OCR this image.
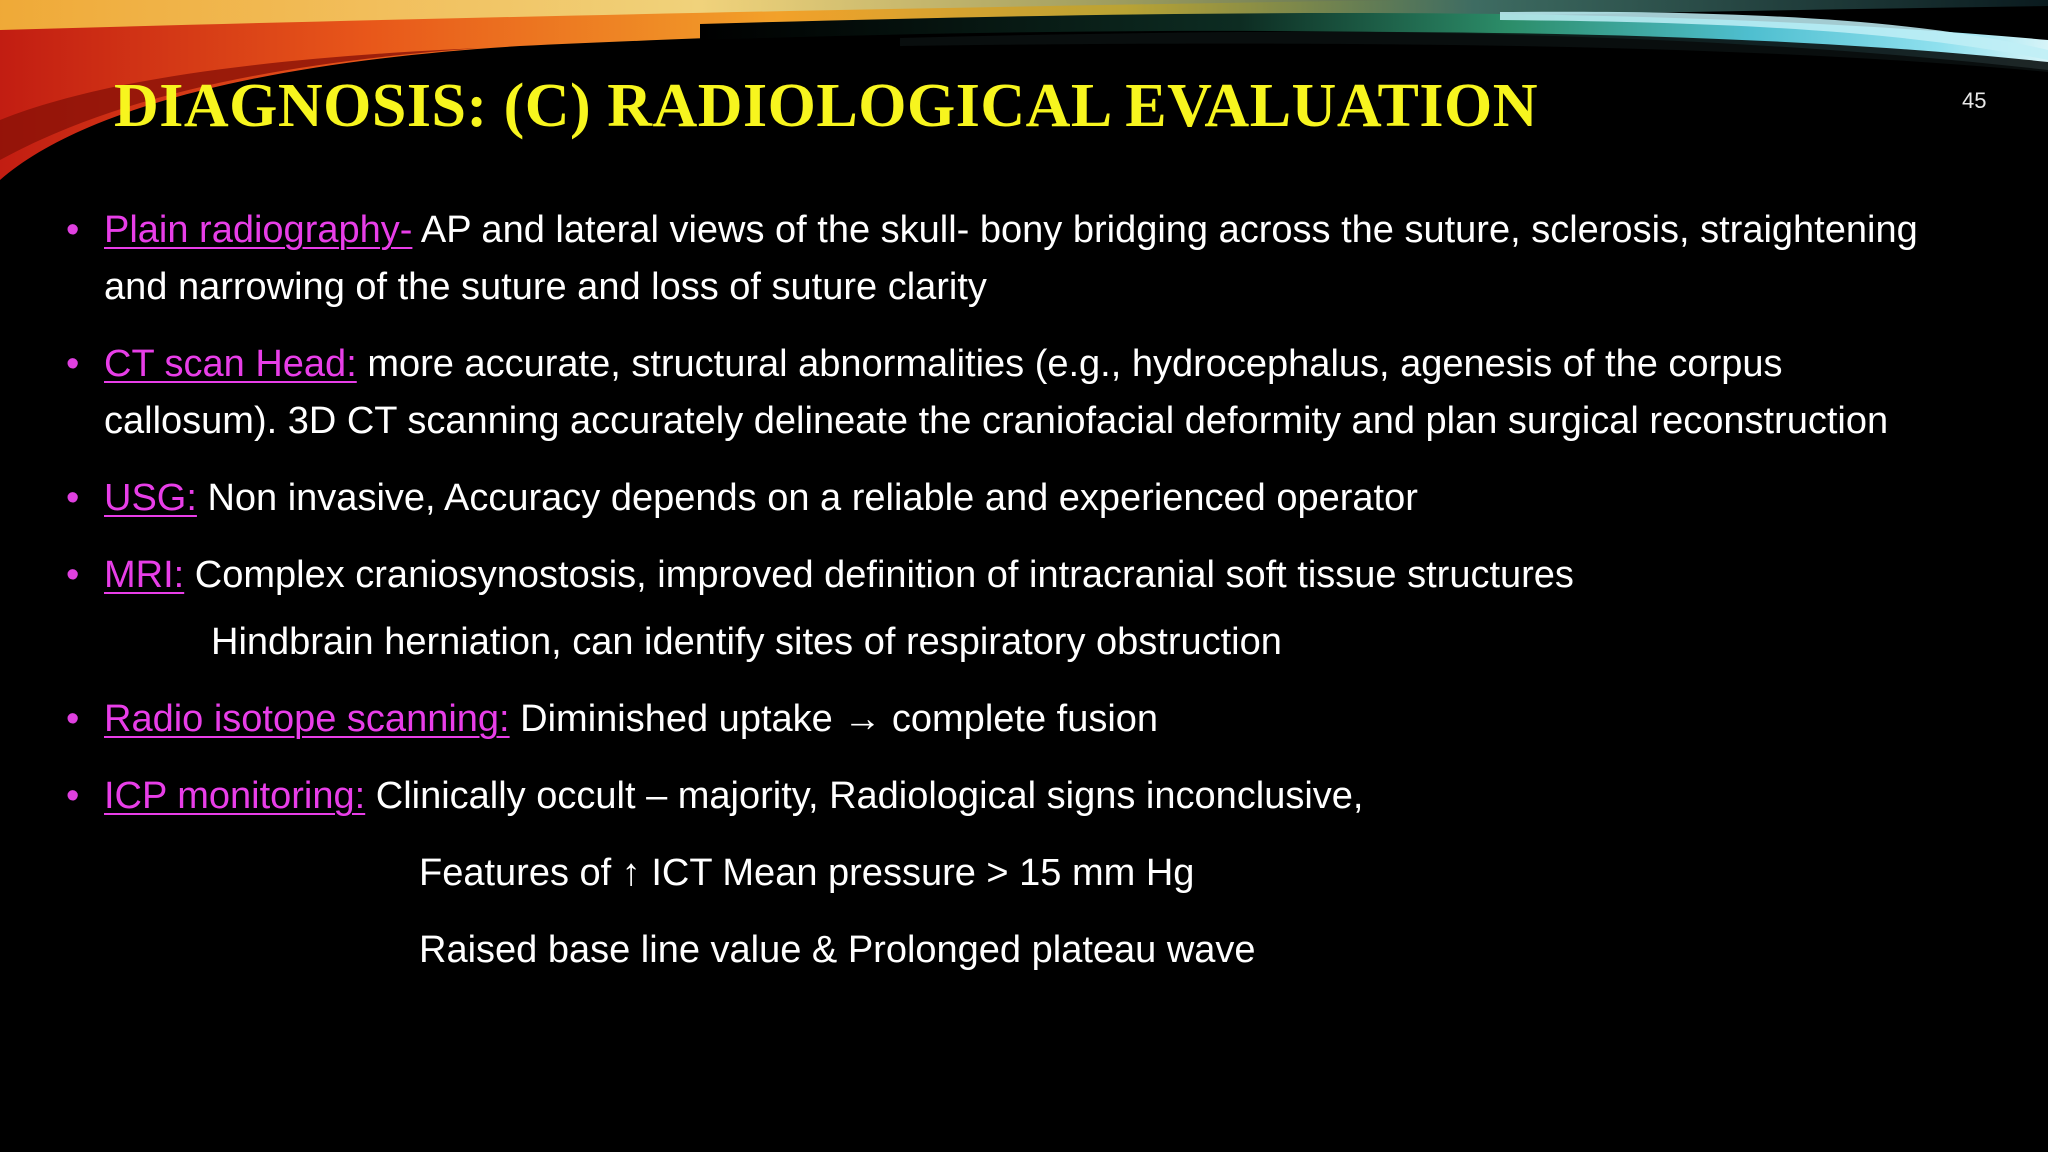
DIAGNOSIS: (C) RADIOLOGICAL EVALUATION	45
• Plain radiography- AP and lateral views of the skull- bony bridging across the suture, sclerosis, straightening and narrowing of the suture and loss of suture clarity
• CT scan Head: more accurate, structural abnormalities (e.g., hydrocephalus, agenesis of the corpus callosum). 3D CT scanning accurately delineate the craniofacial deformity and plan surgical reconstruction
• USG: Non invasive, Accuracy depends on a reliable and experienced operator
• MRI: Complex craniosynostosis, improved definition of intracranial soft tissue structures
Hindbrain herniation, can identify sites of respiratory obstruction
• Radio isotope scanning: Diminished uptake → complete fusion
• ICP monitoring: Clinically occult – majority, Radiological signs inconclusive,
Features of ↑ ICT Mean pressure > 15 mm Hg
Raised base line value & Prolonged plateau wave
